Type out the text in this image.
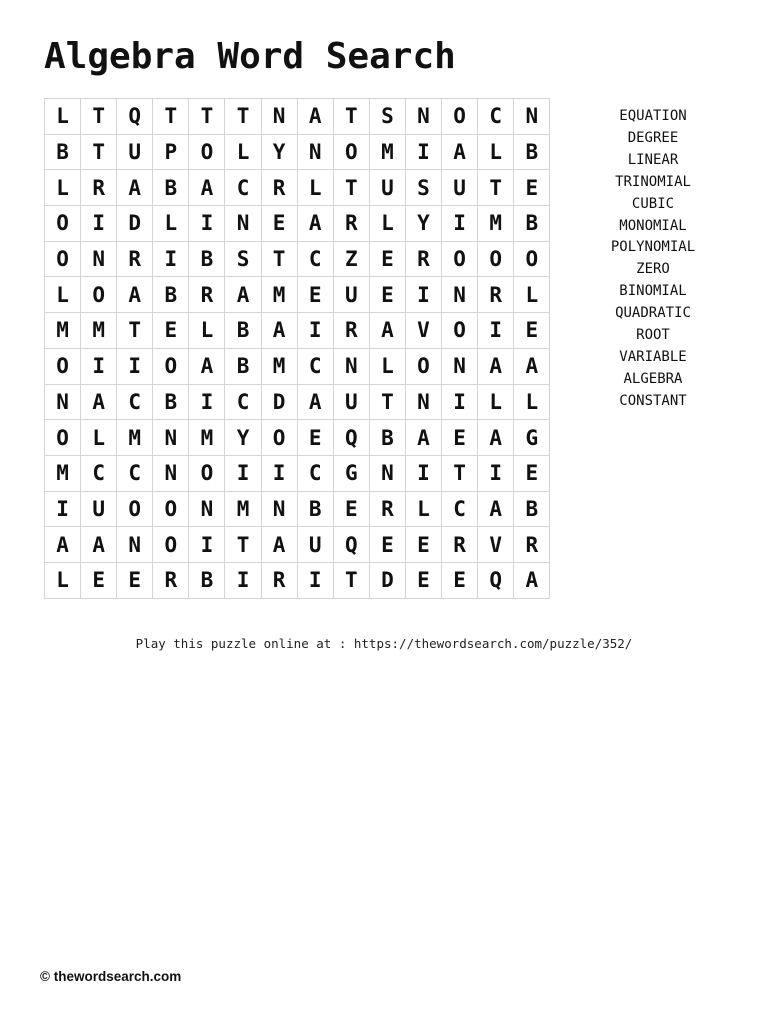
Algebra Word Search
L	T	Q	T	T	T	N	A	T	S	N	O	C	N
B	T	U	P	O	L	Y	N	O	M	I	A	L	B
L	R	A	B	A	C	R	L	T	U	S	U	T	E
O	I	D	L	I	N	E	A	R	L	Y	I	M	B
O	N	R	I	B	S	T	C	Z	E	R	O	O	O
L	O	A	B	R	A	M	E	U	E	I	N	R	L
M	M	T	E	L	B	A	I	R	A	V	O	I	E
O	I	I	O	A	B	M	C	N	L	O	N	A	A
N	A	C	B	I	C	D	A	U	T	N	I	L	L
O	L	M	N	M	Y	O	E	Q	B	A	E	A	G
M	C	C	N	O	I	I	C	G	N	I	T	I	E
I	U	O	O	N	M	N	B	E	R	L	C	A	B
A	A	N	O	I	T	A	U	Q	E	E	R	V	R
L	E	E	R	B	I	R	I	T	D	E	E	Q	A
EQUATION
DEGREE
LINEAR
TRINOMIAL
CUBIC
MONOMIAL
POLYNOMIAL
ZERO
BINOMIAL
QUADRATIC
ROOT
VARIABLE
ALGEBRA
CONSTANT
Play this puzzle online at : https://thewordsearch.com/puzzle/352/
© thewordsearch.com
